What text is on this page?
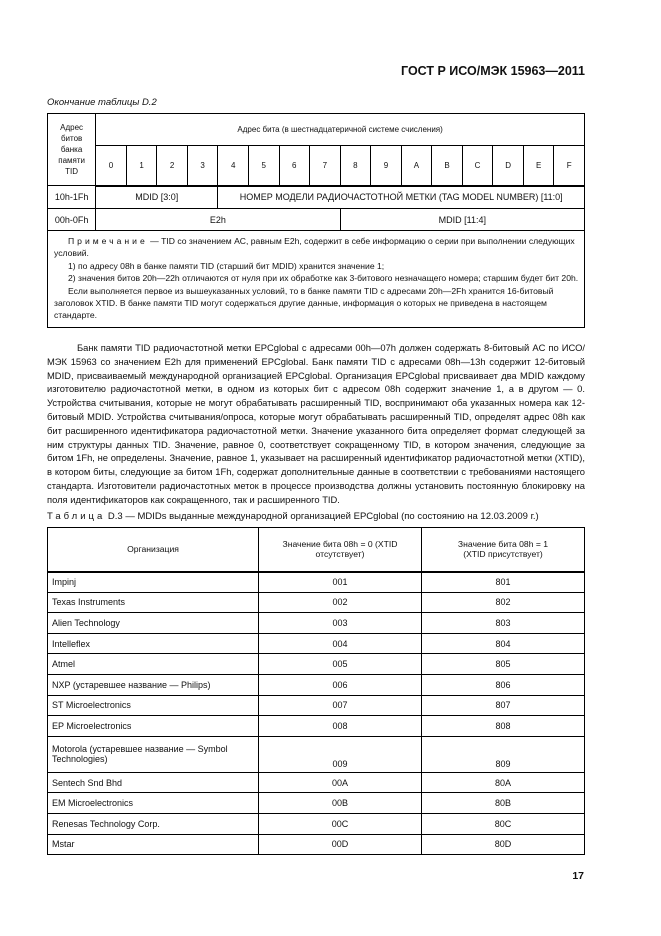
ГОСТ Р ИСО/МЭК 15963—2011
Окончание таблицы D.2
Адрес битов банка памяти TID	Адрес бита (в шестнадцатеричной системе счисления)															
	0	1	2	3	4	5	6	7	8	9	A	B	C	D	E	F
10h-1Fh	MDID [3:0]				НОМЕР МОДЕЛИ РАДИОЧАСТОТНОЙ МЕТКИ (TAG MODEL NUMBER) [11:0]											
00h-0Fh	E2h								MDID [11:4]							

Примечание — TID со значением AC, равным E2h, содержит в себе информацию о серии при выполнении следующих условий.

1) по адресу 08h в банке памяти TID (старший бит MDID) хранится значение 1;

2) значения битов 20h—22h отличаются от нуля при их обработке как 3-битового незначащего номера; старшим будет бит 20h.

Если выполняется первое из вышеуказанных условий, то в банке памяти TID с адресами 20h—2Fh хранится 16-битовый заголовок XTID. В банке памяти TID могут содержаться другие данные, информация о которых не приведена в настоящем стандарте.																

Банк памяти TID радиочастотной метки EPCglobal с адресами 00h—07h должен содержать 8-битовый AC по ИСО/МЭК 15963 со значением E2h для применений EPCglobal. Банк памяти TID с адресами 08h—13h содержит 12-битовый MDID, присваиваемый международной организацией EPCglobal. Организация EPCglobal присваивает два MDID каждому изготовителю радиочастотной метки, в одном из которых бит с адресом 08h содержит значение 1, а в другом — 0. Устройства считывания, которые не могут обрабатывать расширенный TID, воспринимают оба указанных номера как 12-битовый MDID. Устройства считывания/опроса, которые могут обрабатывать расширенный TID, определят адрес 08h как бит расширенного идентификатора радиочастотной метки. Значение указанного бита определяет формат следующей за ним структуры данных TID. Значение, равное 0, соответствует сокращенному TID, в котором значения, следующие за битом 1Fh, не определены. Значение, равное 1, указывает на расширенный идентификатор радиочастотной метки (XTID), в котором биты, следующие за битом 1Fh, содержат дополнительные данные в соответствии с требованиями настоящего стандарта. Изготовители радиочастотных меток в процессе производства должны установить постоянную блокировку на поля идентификаторов как сокращенного, так и расширенного TID.

Таблица D.3 — MDIDs выданные международной организацией EPCglobal (по состоянию на 12.03.2009 г.)
Организация	Значение бита 08h = 0 (XTID отсутствует)	Значение бита 08h = 1 (XTID присутствует)
Impinj	001	801
Texas Instruments	002	802
Alien Technology	003	803
Intelleflex	004	804
Atmel	005	805
NXP (устаревшее название — Philips)	006	806
ST Microelectronics	007	807
EP Microelectronics	008	808
Motorola (устаревшее название — Symbol Technologies)	009	809
Sentech Snd Bhd	00A	80A
EM Microelectronics	00B	80B
Renesas Technology Corp.	00C	80C
Mstar	00D	80D
17
